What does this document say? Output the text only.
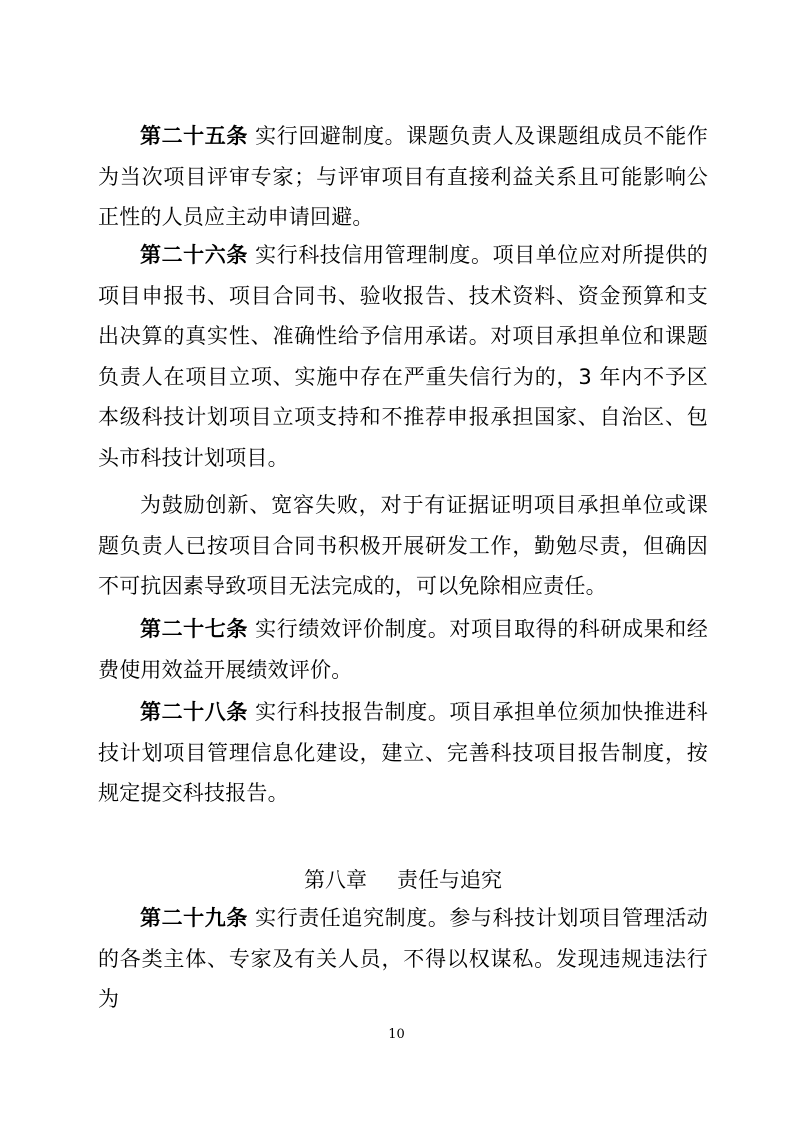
第二十五条 实行回避制度。课题负责人及课题组成员不能作为当次项目评审专家；与评审项目有直接利益关系且可能影响公正性的人员应主动申请回避。

第二十六条 实行科技信用管理制度。项目单位应对所提供的项目申报书、项目合同书、验收报告、技术资料、资金预算和支出决算的真实性、准确性给予信用承诺。对项目承担单位和课题负责人在项目立项、实施中存在严重失信行为的，3 年内不予区本级科技计划项目立项支持和不推荐申报承担国家、自治区、包头市科技计划项目。

为鼓励创新、宽容失败，对于有证据证明项目承担单位或课题负责人已按项目合同书积极开展研发工作，勤勉尽责，但确因不可抗因素导致项目无法完成的，可以免除相应责任。

第二十七条 实行绩效评价制度。对项目取得的科研成果和经费使用效益开展绩效评价。

第二十八条 实行科技报告制度。项目承担单位须加快推进科技计划项目管理信息化建设，建立、完善科技项目报告制度，按规定提交科技报告。

第八章 责任与追究

第二十九条 实行责任追究制度。参与科技计划项目管理活动的各类主体、专家及有关人员，不得以权谋私。发现违规违法行为

10
